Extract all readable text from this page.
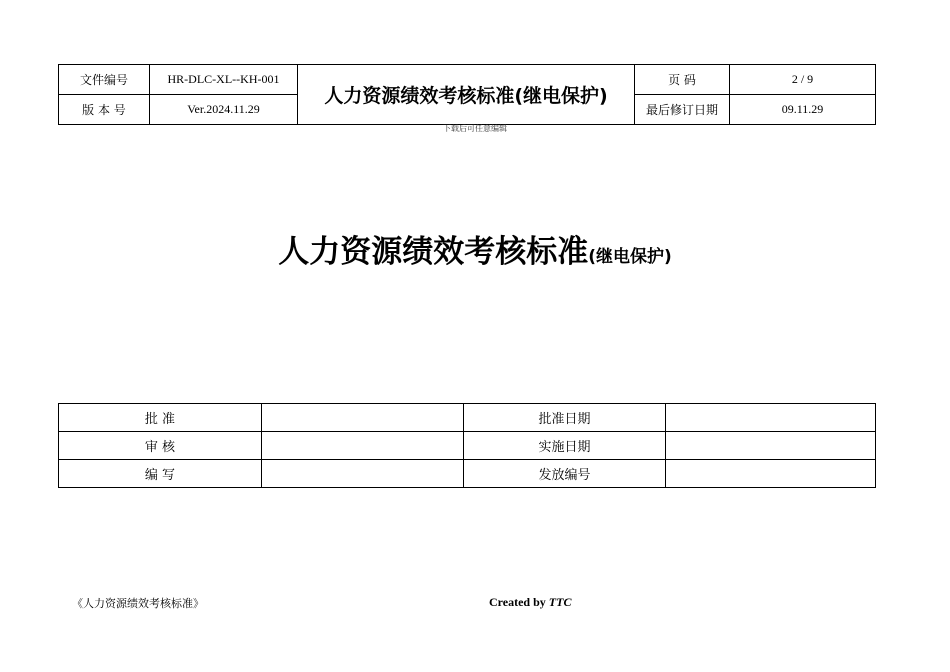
文件编号	HR-DLC-XL--KH-001	人力资源绩效考核标准(继电保护)	页 码	2 / 9
版 本 号	Ver.2024.11.29		最后修订日期	09.11.29
下载后可任意编辑
人力资源绩效考核标准(继电保护)
批 准		批准日期	
审 核		实施日期	
编 写		发放编号	
《人力资源绩效考核标准》	Created by TTC
